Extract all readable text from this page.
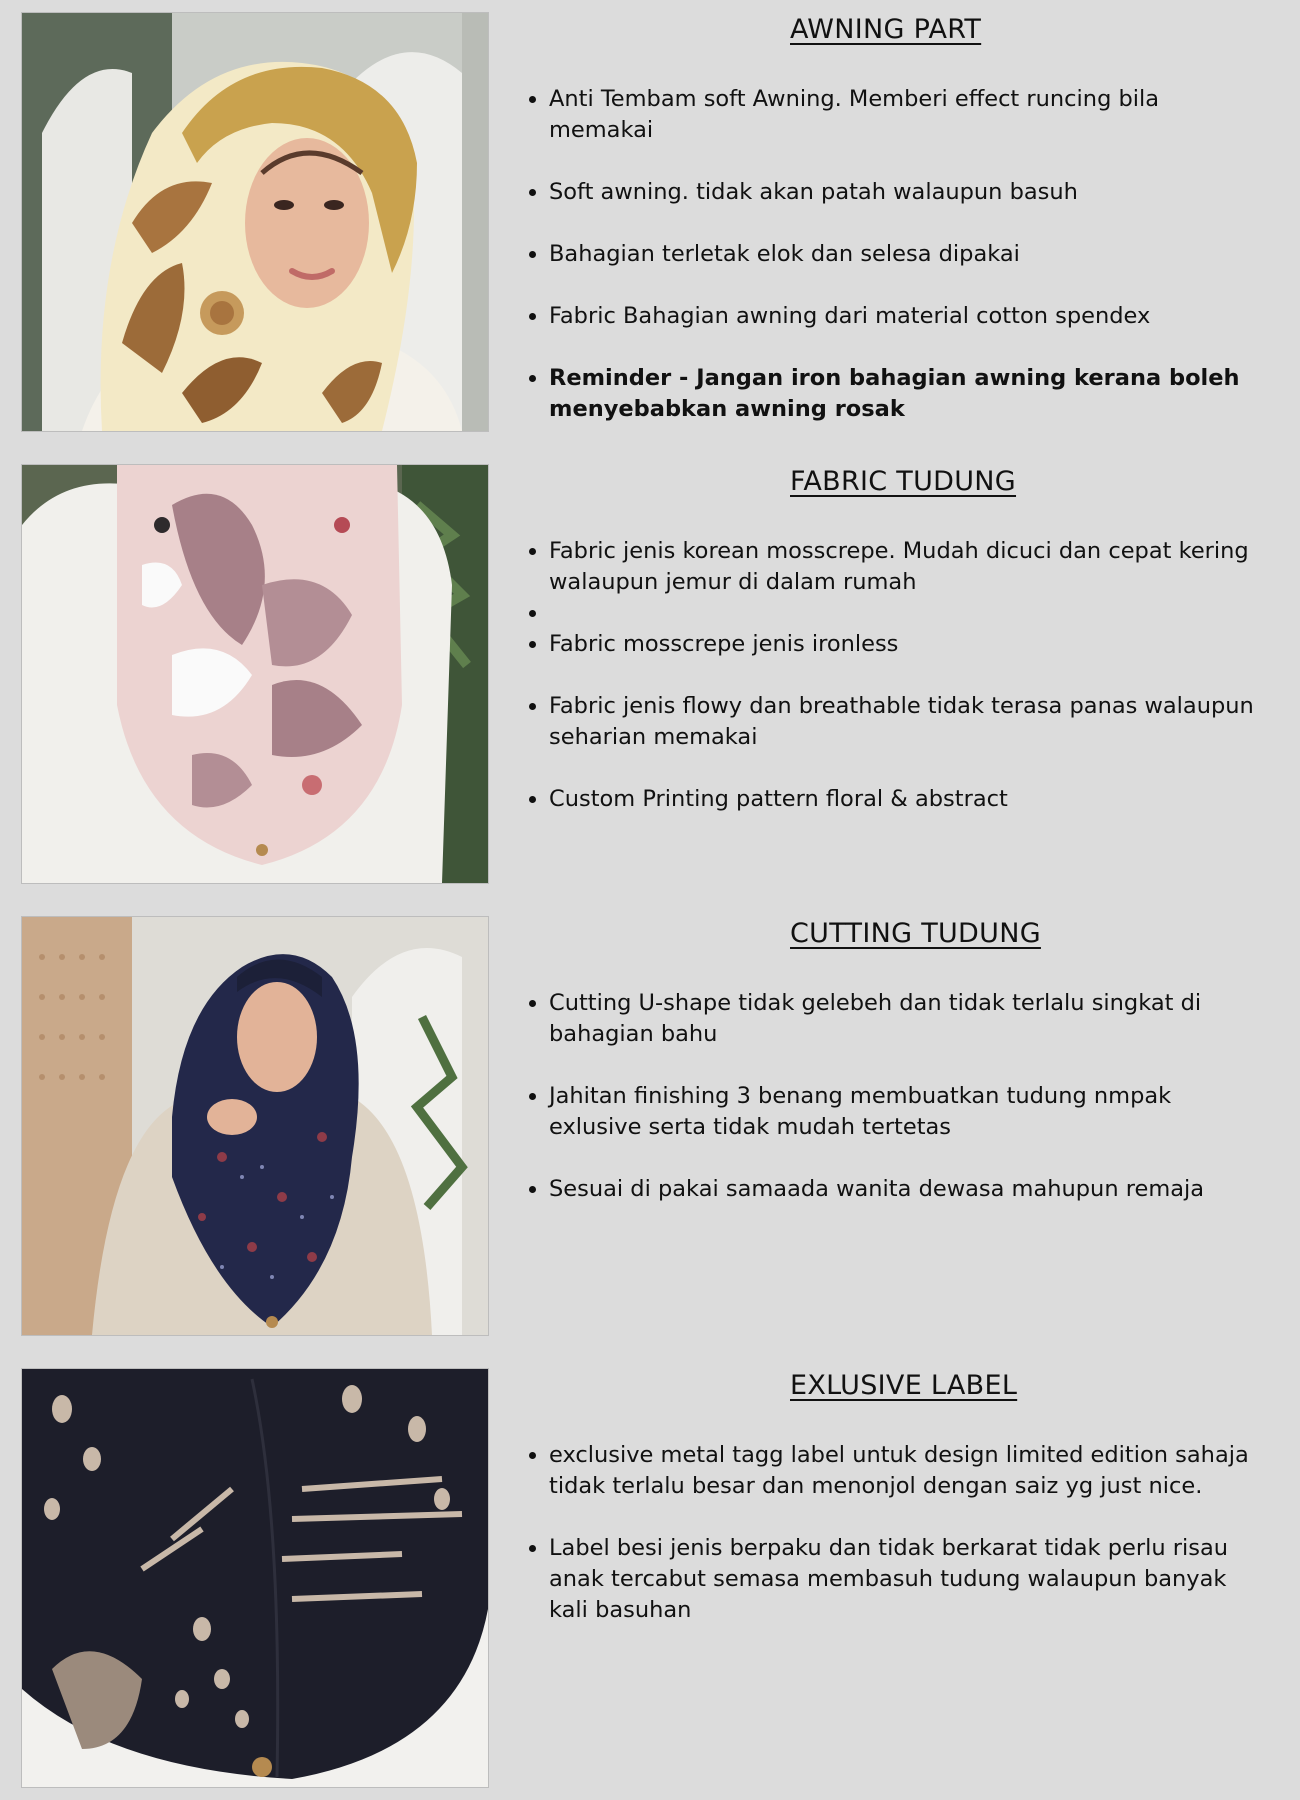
AWNING PART
• Anti Tembam soft Awning. Memberi effect runcing bila memakai
• Soft awning. tidak akan patah walaupun basuh
• Bahagian terletak elok dan selesa dipakai
• Fabric Bahagian awning dari material cotton spendex
• Reminder - Jangan iron bahagian awning kerana boleh menyebabkan awning rosak
FABRIC TUDUNG
• Fabric jenis korean mosscrepe. Mudah dicuci dan cepat kering walaupun jemur di dalam rumah
•
• Fabric mosscrepe jenis ironless
• Fabric jenis flowy dan breathable tidak terasa panas walaupun seharian memakai
• Custom Printing pattern floral & abstract
CUTTING TUDUNG
• Cutting U-shape tidak gelebeh dan tidak terlalu singkat di bahagian bahu
• Jahitan finishing 3 benang membuatkan tudung nmpak exlusive serta tidak mudah tertetas
• Sesuai di pakai samaada wanita dewasa mahupun remaja
EXLUSIVE LABEL
• exclusive metal tagg label untuk design limited edition sahaja tidak terlalu besar dan menonjol dengan saiz yg just nice.
• Label besi jenis berpaku dan tidak berkarat tidak perlu risau anak tercabut semasa membasuh tudung walaupun banyak kali basuhan
